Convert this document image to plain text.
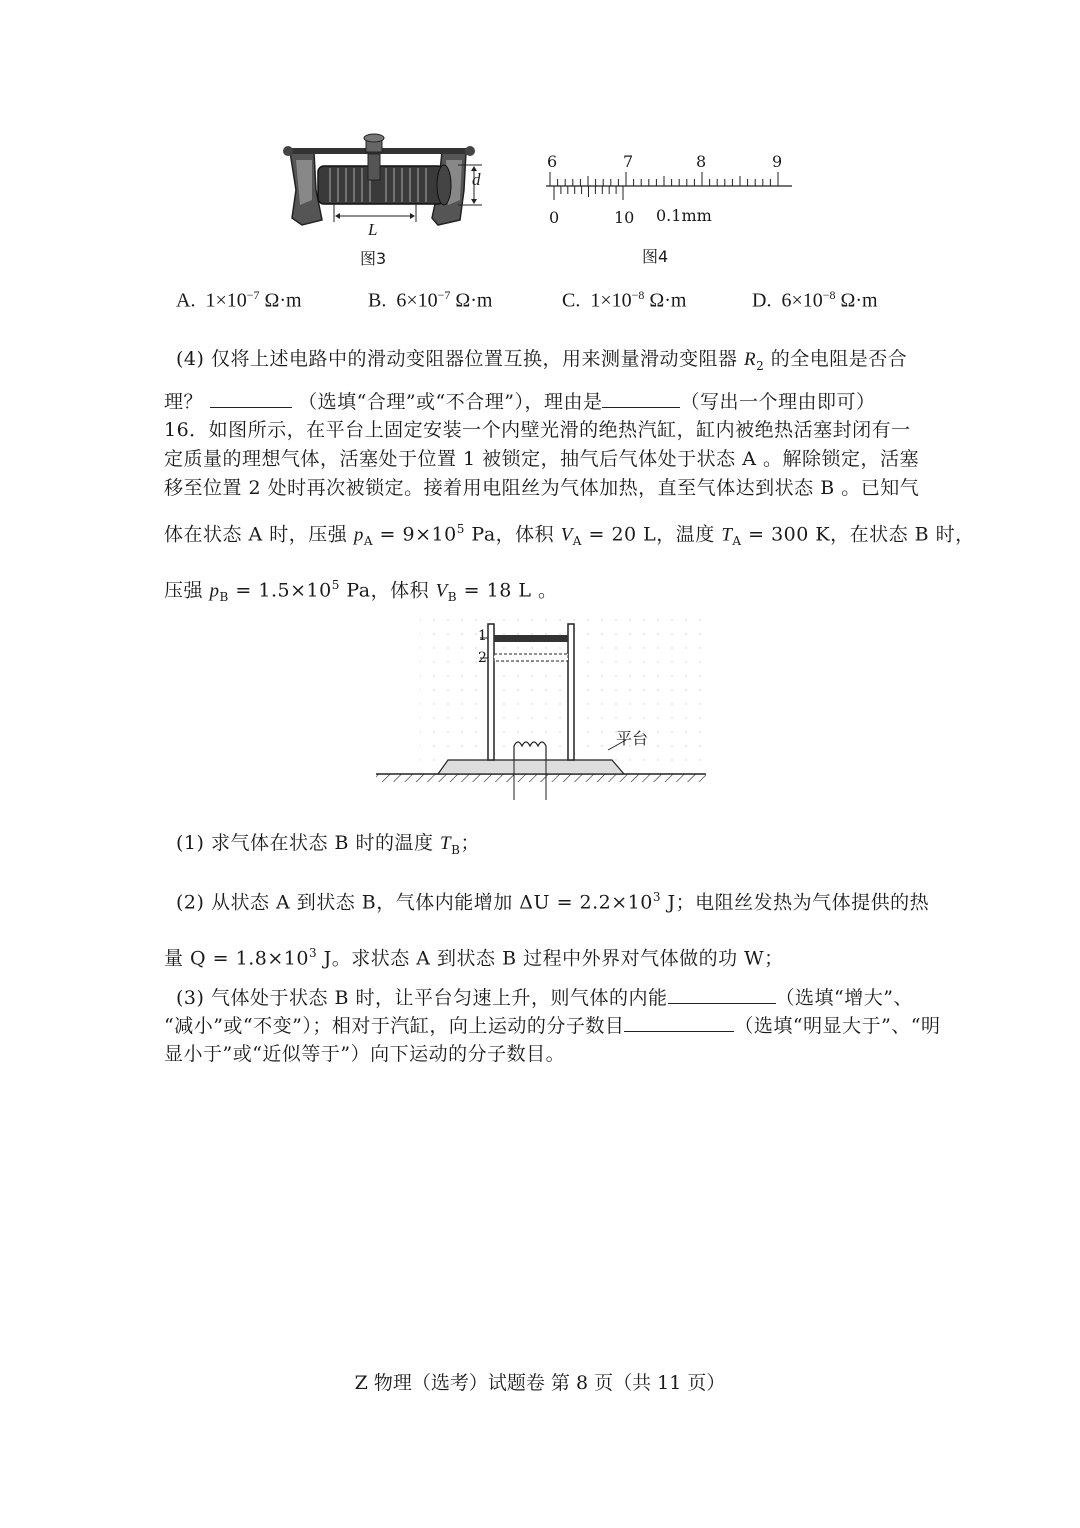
d
L
图3
6	7	8	9
0	10 0.1mm
图4
A. $1\times 10^{-7}$ Ω·m	B. $6\times 10^{-7}$ Ω·m	C. $1\times 10^{-8}$ Ω·m	D. $6\times 10^{-8}$ Ω·m
(4) 仅将上述电路中的滑动变阻器位置互换，用来测量滑动变阻器 $R_2$ 的全电阻是否合
理？	（选填“合理”或“不合理”），理由是	（写出一个理由即可）
16．如图所示，在平台上固定安装一个内壁光滑的绝热汽缸，缸内被绝热活塞封闭有一
定质量的理想气体，活塞处于位置 1 被锁定，抽气后气体处于状态 A 。解除锁定，活塞
移至位置 2 处时再次被锁定。接着用电阻丝为气体加热，直至气体达到状态 B 。已知气
体在状态 A 时，压强 $p_A = 9\times 10^5$ Pa，体积 $V_A = 20$ L，温度 $T_A = 300$ K，在状态 B 时，
压强 $p_B = 1.5\times 10^5$ Pa，体积 $V_B = 18$ L 。
1
2
平台
(1) 求气体在状态 B 时的温度 $T_B$；
(2) 从状态 A 到状态 B，气体内能增加 $\Delta U = 2.2\times 10^3$ J；电阻丝发热为气体提供的热
量 $Q = 1.8\times 10^3$ J。求状态 A 到状态 B 过程中外界对气体做的功 W；
(3) 气体处于状态 B 时，让平台匀速上升，则气体的内能	（选填“增大”、
“减小”或“不变”）；相对于汽缸，向上运动的分子数目	（选填“明显大于”、“明
显小于”或“近似等于”）向下运动的分子数目。
Z 物理（选考）试题卷 第 8 页（共 11 页）
